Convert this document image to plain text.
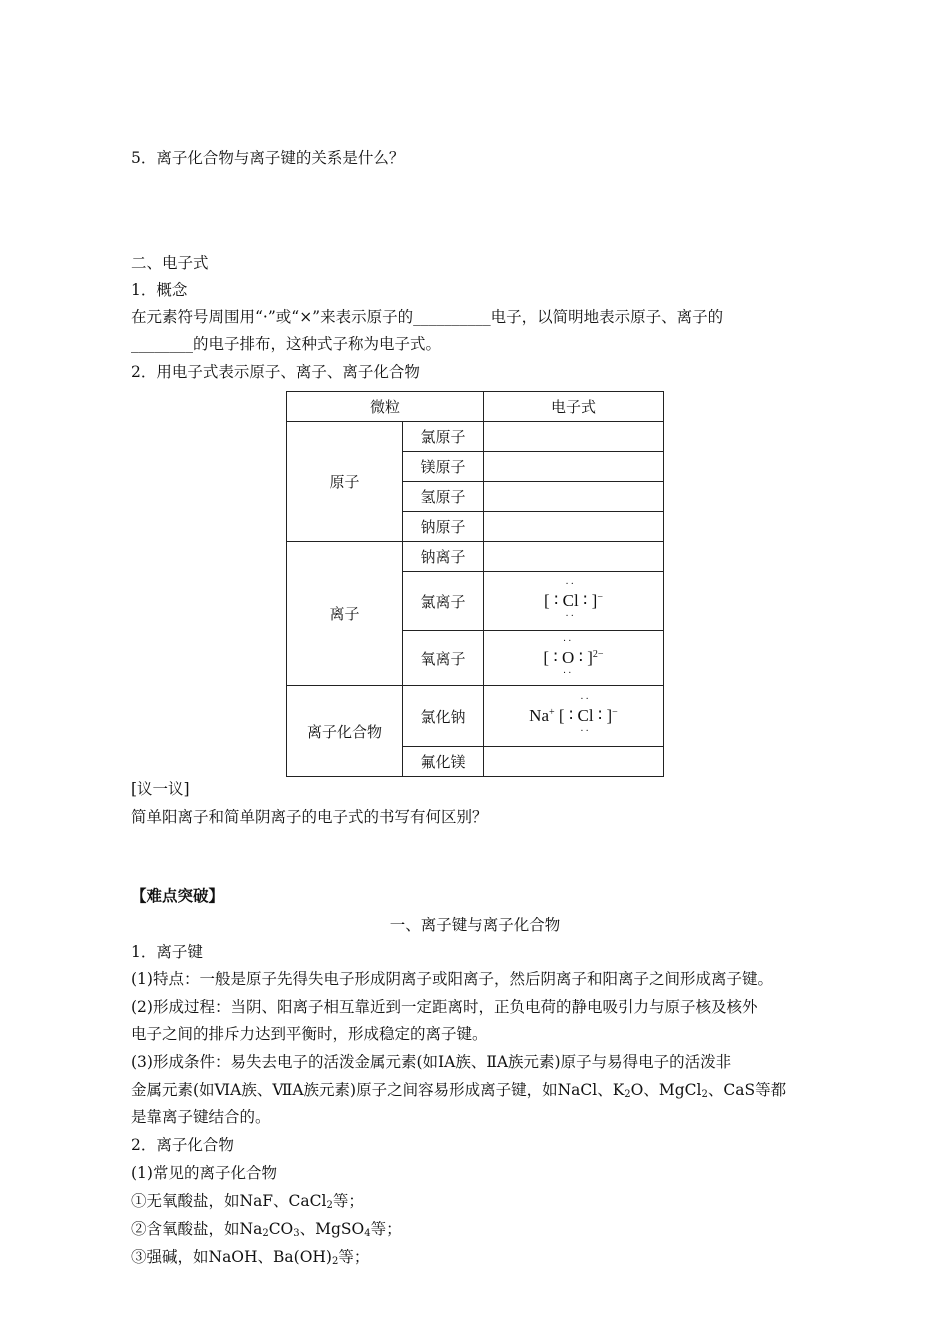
5．离子化合物与离子键的关系是什么？
二、电子式
1．概念
在元素符号周围用“·”或“×”来表示原子的__________电子，以简明地表示原子、离子的
________的电子排布，这种式子称为电子式。
2．用电子式表示原子、离子、离子化合物
微粒		电子式
原子	氯原子	
	镁原子	
	氢原子	
	钠原子	
离子	钠离子	
	氯离子	[ ∶
··
Cl
··
∶ ]−
	氧离子	[ ∶
··
O
··
∶ ]$^{2-}$
离子化合物	氯化钠	Na+ [ ∶
··
Cl
··
∶ ]−
	氟化镁	
[议一议]
简单阳离子和简单阴离子的电子式的书写有何区别？
【难点突破】
一、离子键与离子化合物
1．离子键
(1)特点：一般是原子先得失电子形成阴离子或阳离子，然后阴离子和阳离子之间形成离子键。
(2)形成过程：当阴、阳离子相互靠近到一定距离时，正负电荷的静电吸引力与原子核及核外
电子之间的排斥力达到平衡时，形成稳定的离子键。
(3)形成条件：易失去电子的活泼金属元素(如ⅠA族、ⅡA族元素)原子与易得电子的活泼非
金属元素(如ⅥA族、ⅦA族元素)原子之间容易形成离子键，如NaCl、$K_2O$、MgCl$_2$、CaS等都
是靠离子键结合的。
2．离子化合物
(1)常见的离子化合物
①无氧酸盐，如NaF、CaCl$_2$等；
②含氧酸盐，如$Na_2CO_3$、MgSO$_4$等；
③强碱，如NaOH、$Ba(OH)_2$等；
